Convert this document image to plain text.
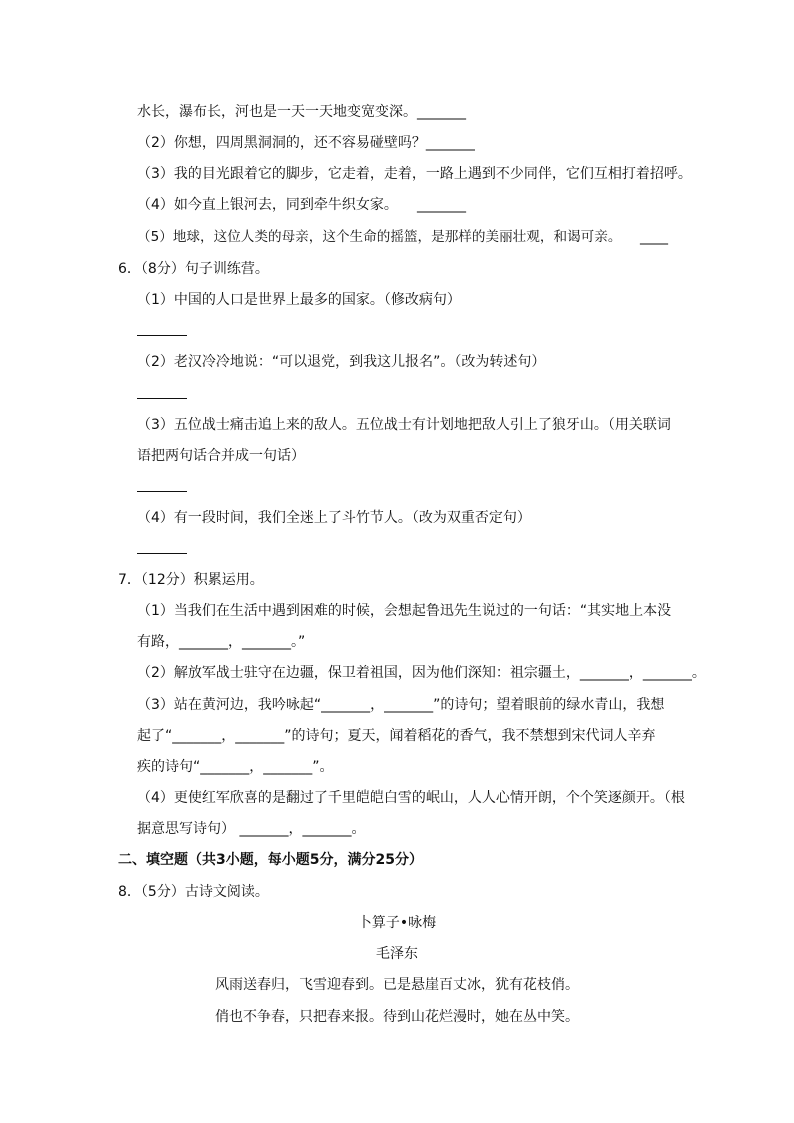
水长，瀑布长，河也是一天一天地变宽变深。_______
（2）你想，四周黑洞洞的，还不容易碰壁吗？_______
（3）我的目光跟着它的脚步，它走着，走着，一路上遇到不少同伴，它们互相打着招呼。
（4）如今直上银河去，同到牵牛织女家。 _______
（5）地球，这位人类的母亲，这个生命的摇篮，是那样的美丽壮观，和谒可亲。 ____
6．（8分）句子训练营。
（1）中国的人口是世界上最多的国家。（修改病句）
（2）老汉冷冷地说：“可以退党，到我这儿报名”。（改为转述句）
（3）五位战士痛击追上来的敌人。五位战士有计划地把敌人引上了狼牙山。（用关联词
语把两句话合并成一句话）
（4）有一段时间，我们全迷上了斗竹节人。（改为双重否定句）
7．（12分）积累运用。
（1）当我们在生活中遇到困难的时候，会想起鲁迅先生说过的一句话：“其实地上本没
有路，_______，_______。”
（2）解放军战士驻守在边疆，保卫着祖国，因为他们深知：祖宗疆土，_______，_______。
（3）站在黄河边，我吟咏起“_______，_______”的诗句；望着眼前的绿水青山，我想
起了“_______，_______”的诗句；夏天，闻着稻花的香气，我不禁想到宋代词人辛弃
疾的诗句“_______，_______”。
（4）更使红军欣喜的是翻过了千里皑皑白雪的岷山，人人心情开朗，个个笑逐颜开。（根
据意思写诗句） _______，_______。
二、填空题（共3小题，每小题5分，满分25分）
8．（5分）古诗文阅读。
卜算子•咏梅
毛泽东
风雨送春归，飞雪迎春到。已是悬崖百丈冰，犹有花枝俏。
俏也不争春，只把春来报。待到山花烂漫时，她在丛中笑。
